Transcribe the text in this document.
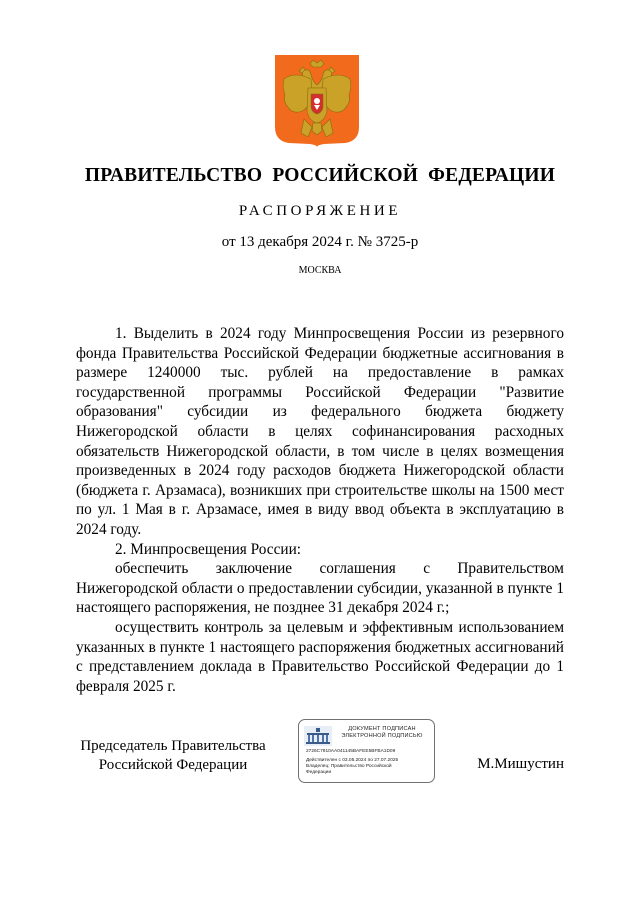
ПРАВИТЕЛЬСТВО РОССИЙСКОЙ ФЕДЕРАЦИИ
РАСПОРЯЖЕНИЕ
от 13 декабря 2024 г. № 3725-р
МОСКВА

1. Выделить в 2024 году Минпросвещения России из резервного фонда Правительства Российской Федерации бюджетные ассигнования в размере 1240000 тыс. рублей на предоставление в рамках государственной программы Российской Федерации "Развитие образования" субсидии из федерального бюджета бюджету Нижегородской области в целях софинансирования расходных обязательств Нижегородской области, в том числе в целях возмещения произведенных в 2024 году расходов бюджета Нижегородской области (бюджета г. Арзамаса), возникших при строительстве школы на 1500 мест по ул. 1 Мая в г. Арзамасе, имея в виду ввод объекта в эксплуатацию в 2024 году.

2. Минпросвещения России:

обеспечить заключение соглашения с Правительством Нижегородской области о предоставлении субсидии, указанной в пункте 1 настоящего распоряжения, не позднее 31 декабря 2024 г.;

осуществить контроль за целевым и эффективным использованием указанных в пункте 1 настоящего распоряжения бюджетных ассигнований с представлением доклада в Правительство Российской Федерации до 1 февраля 2025 г.

Председатель Правительства
Российской Федерации
ДОКУМЕНТ ПОДПИСАН
ЭЛЕКТРОННОЙ ПОДПИСЬЮ
2726C7910AA041145BAFEE5BFBA1D09
Действителен с 03.05.2024 по 27.07.2025
Владелец: Правительство Российской
Федерации
М.Мишустин
